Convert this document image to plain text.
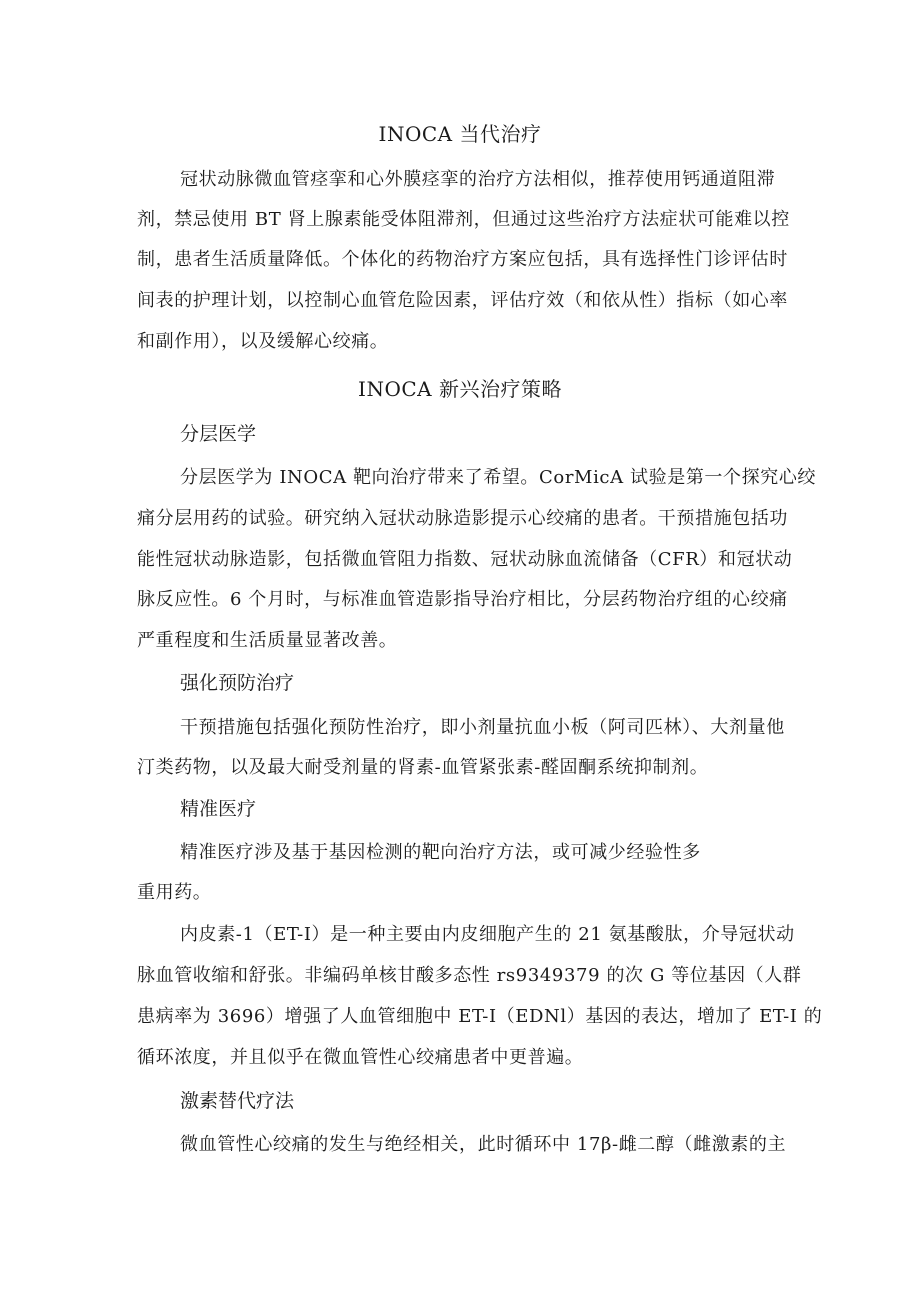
INOCA 当代治疗
冠状动脉微血管痉挛和心外膜痉挛的治疗方法相似，推荐使用钙通道阻滞
剂，禁忌使用 BT 肾上腺素能受体阻滞剂，但通过这些治疗方法症状可能难以控
制，患者生活质量降低。个体化的药物治疗方案应包括，具有选择性门诊评估时
间表的护理计划，以控制心血管危险因素，评估疗效（和依从性）指标（如心率
和副作用），以及缓解心绞痛。
INOCA 新兴治疗策略
分层医学
分层医学为 INOCA 靶向治疗带来了希望。CorMicA 试验是第一个探究心绞
痛分层用药的试验。研究纳入冠状动脉造影提示心绞痛的患者。干预措施包括功
能性冠状动脉造影，包括微血管阻力指数、冠状动脉血流储备（CFR）和冠状动
脉反应性。6 个月时，与标准血管造影指导治疗相比，分层药物治疗组的心绞痛
严重程度和生活质量显著改善。
强化预防治疗
干预措施包括强化预防性治疗，即小剂量抗血小板（阿司匹林）、大剂量他
汀类药物，以及最大耐受剂量的肾素-血管紧张素-醛固酮系统抑制剂。
精准医疗
精准医疗涉及基于基因检测的靶向治疗方法，或可减少经验性多
重用药。
内皮素-1（ET-I）是一种主要由内皮细胞产生的 21 氨基酸肽，介导冠状动
脉血管收缩和舒张。非编码单核甘酸多态性 rs9349379 的次 G 等位基因（人群
患病率为 3696）增强了人血管细胞中 ET-I（EDNl）基因的表达，增加了 ET-I 的
循环浓度，并且似乎在微血管性心绞痛患者中更普遍。
激素替代疗法
微血管性心绞痛的发生与绝经相关，此时循环中 17β-雌二醇（雌激素的主
